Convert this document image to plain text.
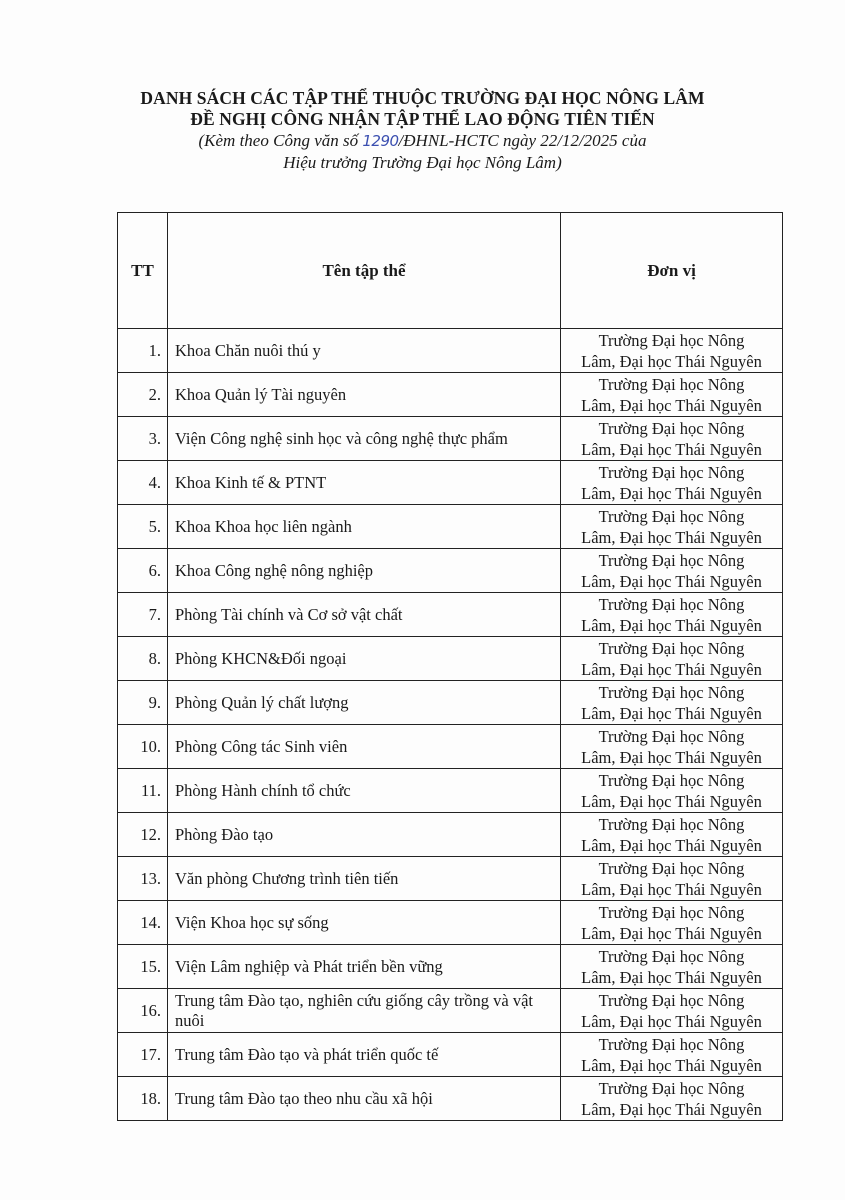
DANH SÁCH CÁC TẬP THỂ THUỘC TRƯỜNG ĐẠI HỌC NÔNG LÂM
ĐỀ NGHỊ CÔNG NHẬN TẬP THỂ LAO ĐỘNG TIÊN TIẾN
(Kèm theo Công văn số 1290/ĐHNL-HCTC ngày 22/12/2025 của
Hiệu trưởng Trường Đại học Nông Lâm)
TT	Tên tập thể	Đơn vị
1.	Khoa Chăn nuôi thú y	Trường Đại học Nông
Lâm, Đại học Thái Nguyên

2.	Khoa Quản lý Tài nguyên	Trường Đại học Nông
Lâm, Đại học Thái Nguyên

3.	Viện Công nghệ sinh học và công nghệ thực phẩm	Trường Đại học Nông
Lâm, Đại học Thái Nguyên

4.	Khoa Kinh tế & PTNT	Trường Đại học Nông
Lâm, Đại học Thái Nguyên

5.	Khoa Khoa học liên ngành	Trường Đại học Nông
Lâm, Đại học Thái Nguyên

6.	Khoa Công nghệ nông nghiệp	Trường Đại học Nông
Lâm, Đại học Thái Nguyên

7.	Phòng Tài chính và Cơ sở vật chất	Trường Đại học Nông
Lâm, Đại học Thái Nguyên

8.	Phòng KHCN&Đối ngoại	Trường Đại học Nông
Lâm, Đại học Thái Nguyên

9.	Phòng Quản lý chất lượng	Trường Đại học Nông
Lâm, Đại học Thái Nguyên

10.	Phòng Công tác Sinh viên	Trường Đại học Nông
Lâm, Đại học Thái Nguyên

11.	Phòng Hành chính tổ chức	Trường Đại học Nông
Lâm, Đại học Thái Nguyên

12.	Phòng Đào tạo	Trường Đại học Nông
Lâm, Đại học Thái Nguyên

13.	Văn phòng Chương trình tiên tiến	Trường Đại học Nông
Lâm, Đại học Thái Nguyên

14.	Viện Khoa học sự sống	Trường Đại học Nông
Lâm, Đại học Thái Nguyên

15.	Viện Lâm nghiệp và Phát triển bền vững	Trường Đại học Nông
Lâm, Đại học Thái Nguyên

16.	Trung tâm Đào tạo, nghiên cứu giống cây trồng và vật nuôi	Trường Đại học Nông
Lâm, Đại học Thái Nguyên

17.	Trung tâm Đào tạo và phát triển quốc tế	Trường Đại học Nông
Lâm, Đại học Thái Nguyên

18.	Trung tâm Đào tạo theo nhu cầu xã hội	Trường Đại học Nông
Lâm, Đại học Thái Nguyên
